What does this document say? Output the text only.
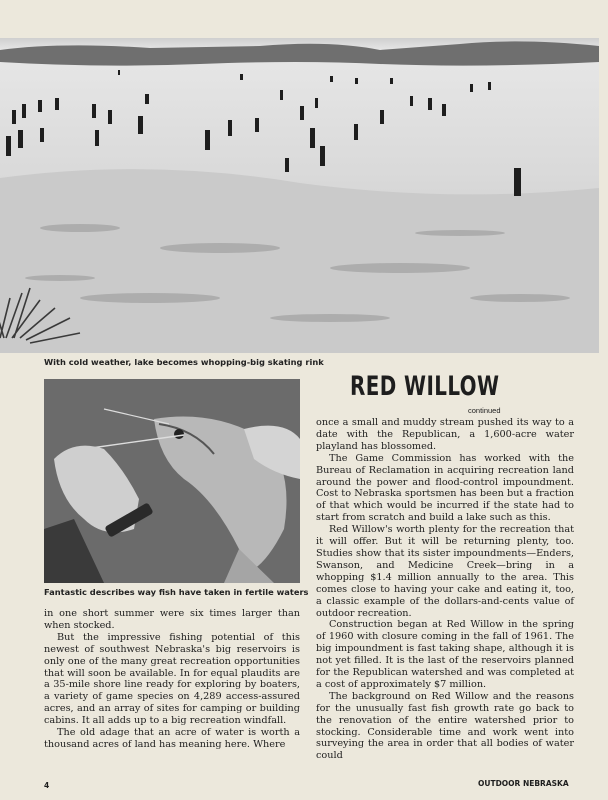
With cold weather, lake becomes whopping-big skating rink
Fantastic describes way fish have taken in fertile waters
RED WILLOW
continued

in one short summer were six times larger than when stocked.

But the impressive fishing potential of this newest of southwest Nebraska's big reservoirs is only one of the many great recreation opportunities that will soon be available. In for equal plaudits are a 35-mile shore line ready for exploring by boaters, a variety of game species on 4,289 access-assured acres, and an array of sites for camping or building cabins. It all adds up to a big recreation windfall.

The old adage that an acre of water is worth a thousand acres of land has meaning here. Where

once a small and muddy stream pushed its way to a date with the Republican, a 1,600-acre water playland has blossomed.

The Game Commission has worked with the Bureau of Reclamation in acquiring recreation land around the power and flood-control impoundment. Cost to Nebraska sportsmen has been but a fraction of that which would be incurred if the state had to start from scratch and build a lake such as this.

Red Willow's worth plenty for the recreation that it will offer. But it will be returning plenty, too. Studies show that its sister impoundments—Enders, Swanson, and Medicine Creek—bring in a whopping $1.4 million annually to the area. This comes close to having your cake and eating it, too, a classic example of the dollars-and-cents value of outdoor recreation.

Construction began at Red Willow in the spring of 1960 with closure coming in the fall of 1961. The big impoundment is fast taking shape, although it is not yet filled. It is the last of the reservoirs planned for the Republican watershed and was completed at a cost of approximately $7 million.

The background on Red Willow and the reasons for the unusually fast fish growth rate go back to the renovation of the entire watershed prior to stocking. Considerable time and work went into surveying the area in order that all bodies of water could

4	OUTDOOR NEBRASKA
